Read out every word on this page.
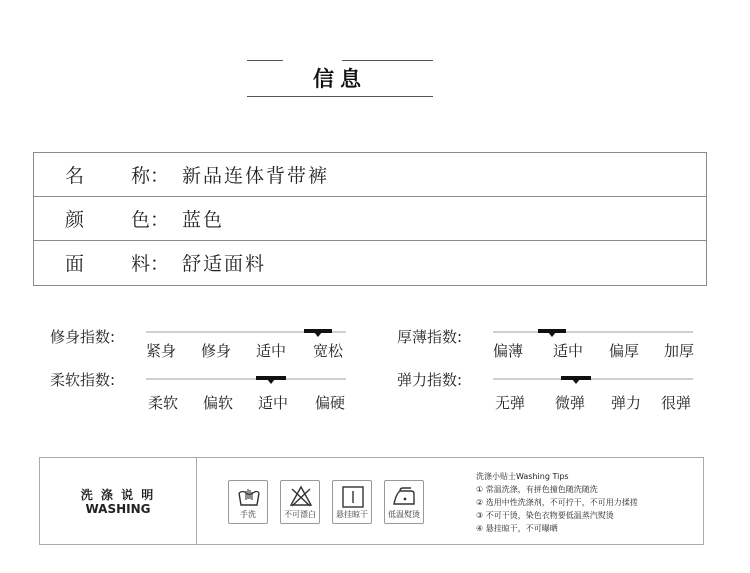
信息
名 称： 新品连体背带裤
颜 色： 蓝色
面 料： 舒适面料
修身指数:
紧身	修身	适中	宽松
柔软指数:
柔软	偏软	适中	偏硬
厚薄指数:
偏薄	适中	偏厚	加厚
弹力指数:
无弹	微弹	弹力	很弹
洗 涤 说 明
WASHING	手洗	不可漂白	悬挂晾干	低温熨烫
洗涤小贴士Washing Tips
① 常温洗涤，有拼色撞色随洗随洗
② 选用中性洗涤剂，不可拧干，不可用力揉搓
③ 不可干烫，染色衣物要低温蒸汽熨烫
④ 悬挂晾干，不可曝晒
